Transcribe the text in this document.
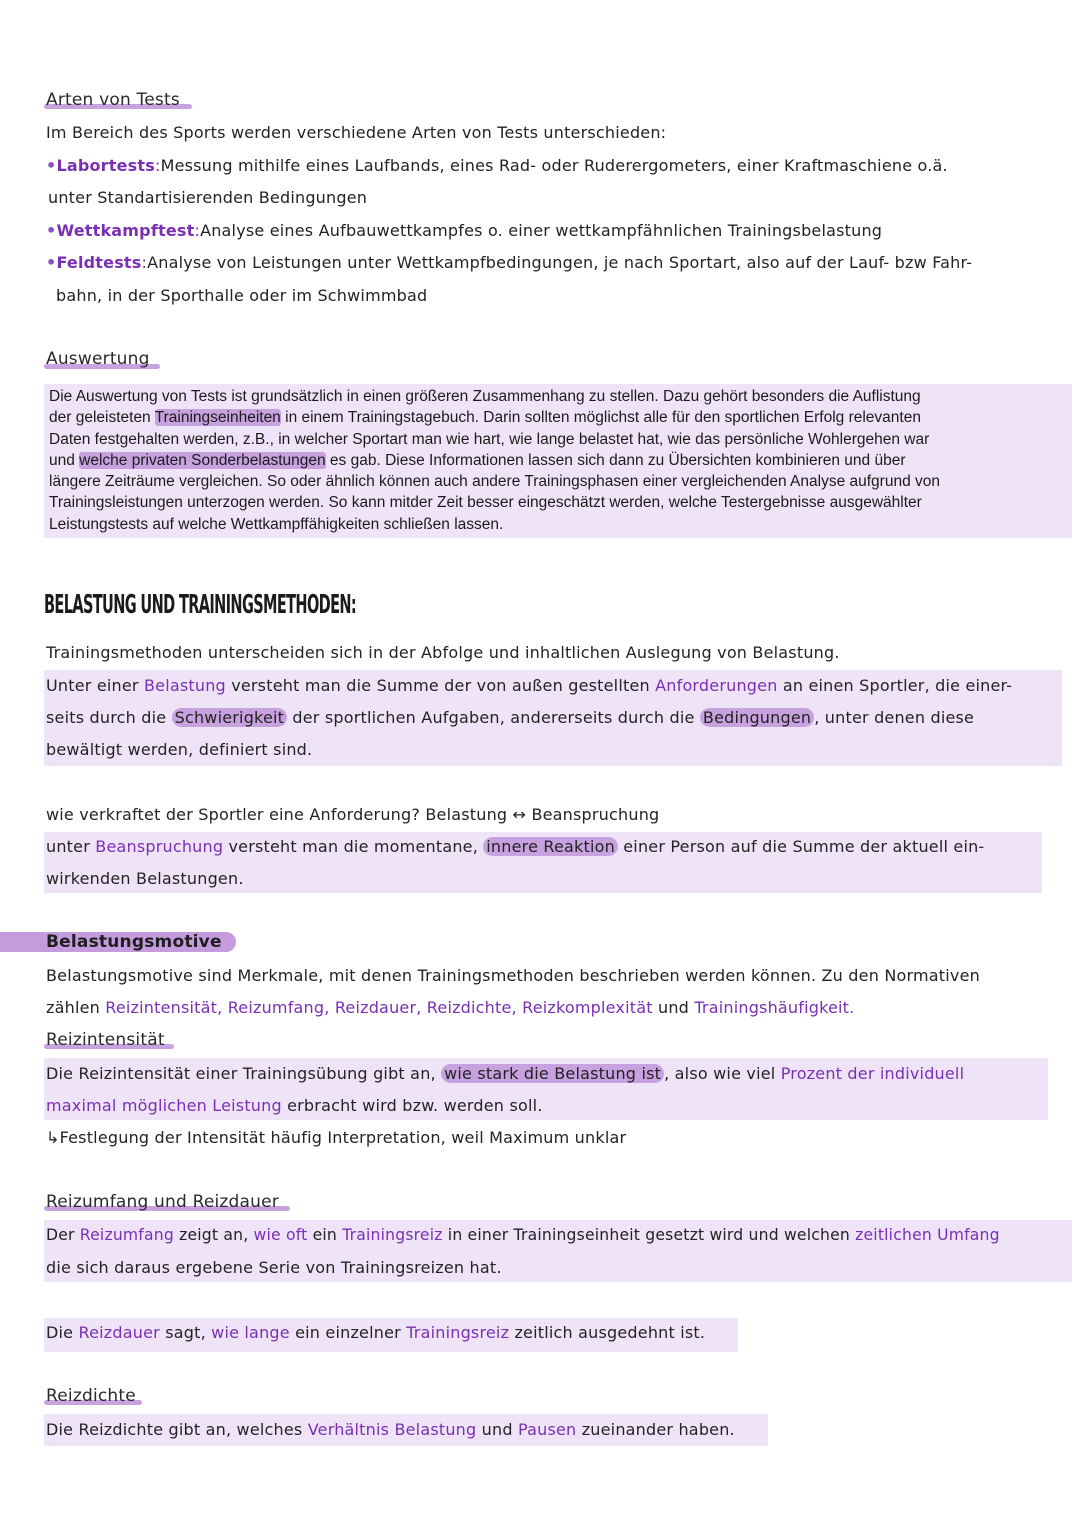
Arten von Tests
Im Bereich des Sports werden verschiedene Arten von Tests unterschieden:
•Labortests:Messung mithilfe eines Laufbands, eines Rad- oder Ruderergometers, einer Kraftmaschiene o.ä.
unter Standartisierenden Bedingungen
•Wettkampftest:Analyse eines Aufbauwettkampfes o. einer wettkampfähnlichen Trainingsbelastung
•Feldtests:Analyse von Leistungen unter Wettkampfbedingungen, je nach Sportart, also auf der Lauf- bzw Fahr-
bahn, in der Sporthalle oder im Schwimmbad
Auswertung
Die Auswertung von Tests ist grundsätzlich in einen größeren Zusammenhang zu stellen. Dazu gehört besonders die Auflistung
der geleisteten Trainingseinheiten in einem Trainingstagebuch. Darin sollten möglichst alle für den sportlichen Erfolg relevanten
Daten festgehalten werden, z.B., in welcher Sportart man wie hart, wie lange belastet hat, wie das persönliche Wohlergehen war
und welche privaten Sonderbelastungen es gab. Diese Informationen lassen sich dann zu Übersichten kombinieren und über
längere Zeiträume vergleichen. So oder ähnlich können auch andere Trainingsphasen einer vergleichenden Analyse aufgrund von
Trainingsleistungen unterzogen werden. So kann mitder Zeit besser eingeschätzt werden, welche Testergebnisse ausgewählter
Leistungstests auf welche Wettkampffähigkeiten schließen lassen.
BELASTUNG UND TRAININGSMETHODEN:
Trainingsmethoden unterscheiden sich in der Abfolge und inhaltlichen Auslegung von Belastung.
Unter einer Belastung versteht man die Summe der von außen gestellten Anforderungen an einen Sportler, die einer-
seits durch die Schwierigkeit der sportlichen Aufgaben, andererseits durch die Bedingungen , unter denen diese
bewältigt werden, definiert sind.
wie verkraftet der Sportler eine Anforderung? Belastung ↔ Beanspruchung
unter Beanspruchung versteht man die momentane, innere Reaktion einer Person auf die Summe der aktuell ein-
wirkenden Belastungen.
Belastungsmotive
Belastungsmotive sind Merkmale, mit denen Trainingsmethoden beschrieben werden können. Zu den Normativen
zählen Reizintensität, Reizumfang, Reizdauer, Reizdichte, Reizkomplexität und Trainingshäufigkeit.
Reizintensität
Die Reizintensität einer Trainingsübung gibt an, wie stark die Belastung ist , also wie viel Prozent der individuell
maximal möglichen Leistung erbracht wird bzw. werden soll.
↳Festlegung der Intensität häufig Interpretation, weil Maximum unklar
Reizumfang und Reizdauer
Der Reizumfang zeigt an, wie oft ein Trainingsreiz in einer Trainingseinheit gesetzt wird und welchen zeitlichen Umfang
die sich daraus ergebene Serie von Trainingsreizen hat.
Die Reizdauer sagt, wie lange ein einzelner Trainingsreiz zeitlich ausgedehnt ist.
Reizdichte
Die Reizdichte gibt an, welches Verhältnis Belastung und Pausen zueinander haben.
